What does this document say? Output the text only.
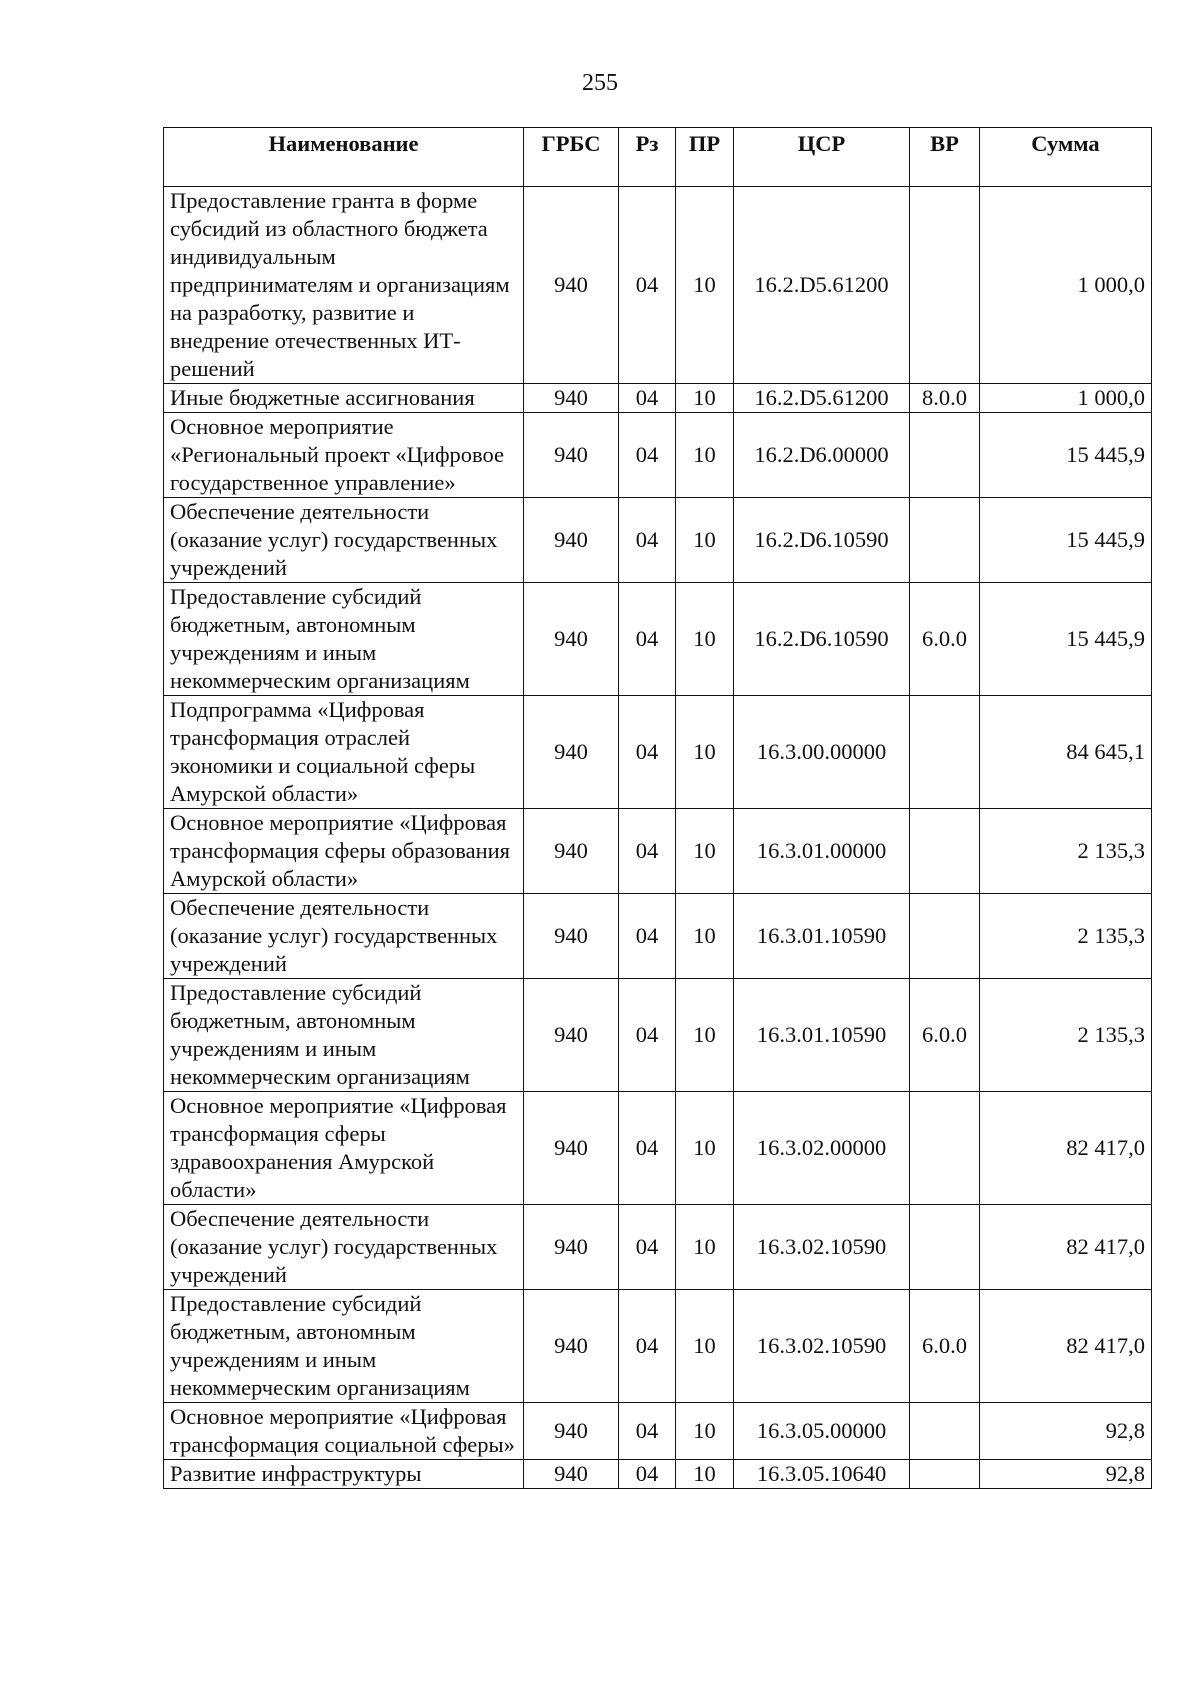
255
Наименование	ГРБС	Рз	ПР	ЦСР	ВР	Сумма
Предоставление гранта в форме субсидий из областного бюджета индивидуальным предпринимателям и организациям на разработку, развитие и внедрение отечественных ИТ-решений	940	04	10	16.2.D5.61200		1 000,0
Иные бюджетные ассигнования	940	04	10	16.2.D5.61200	8.0.0	1 000,0
Основное мероприятие «Региональный проект «Цифровое государственное управление»	940	04	10	16.2.D6.00000		15 445,9
Обеспечение деятельности (оказание услуг) государственных учреждений	940	04	10	16.2.D6.10590		15 445,9
Предоставление субсидий бюджетным, автономным учреждениям и иным некоммерческим организациям	940	04	10	16.2.D6.10590	6.0.0	15 445,9
Подпрограмма «Цифровая трансформация отраслей экономики и социальной сферы Амурской области»	940	04	10	16.3.00.00000		84 645,1
Основное мероприятие «Цифровая трансформация сферы образования Амурской области»	940	04	10	16.3.01.00000		2 135,3
Обеспечение деятельности (оказание услуг) государственных учреждений	940	04	10	16.3.01.10590		2 135,3
Предоставление субсидий бюджетным, автономным учреждениям и иным некоммерческим организациям	940	04	10	16.3.01.10590	6.0.0	2 135,3
Основное мероприятие «Цифровая трансформация сферы здравоохранения Амурской области»	940	04	10	16.3.02.00000		82 417,0
Обеспечение деятельности (оказание услуг) государственных учреждений	940	04	10	16.3.02.10590		82 417,0
Предоставление субсидий бюджетным, автономным учреждениям и иным некоммерческим организациям	940	04	10	16.3.02.10590	6.0.0	82 417,0
Основное мероприятие «Цифровая трансформация социальной сферы»	940	04	10	16.3.05.00000		92,8
Развитие инфраструктуры	940	04	10	16.3.05.10640		92,8
